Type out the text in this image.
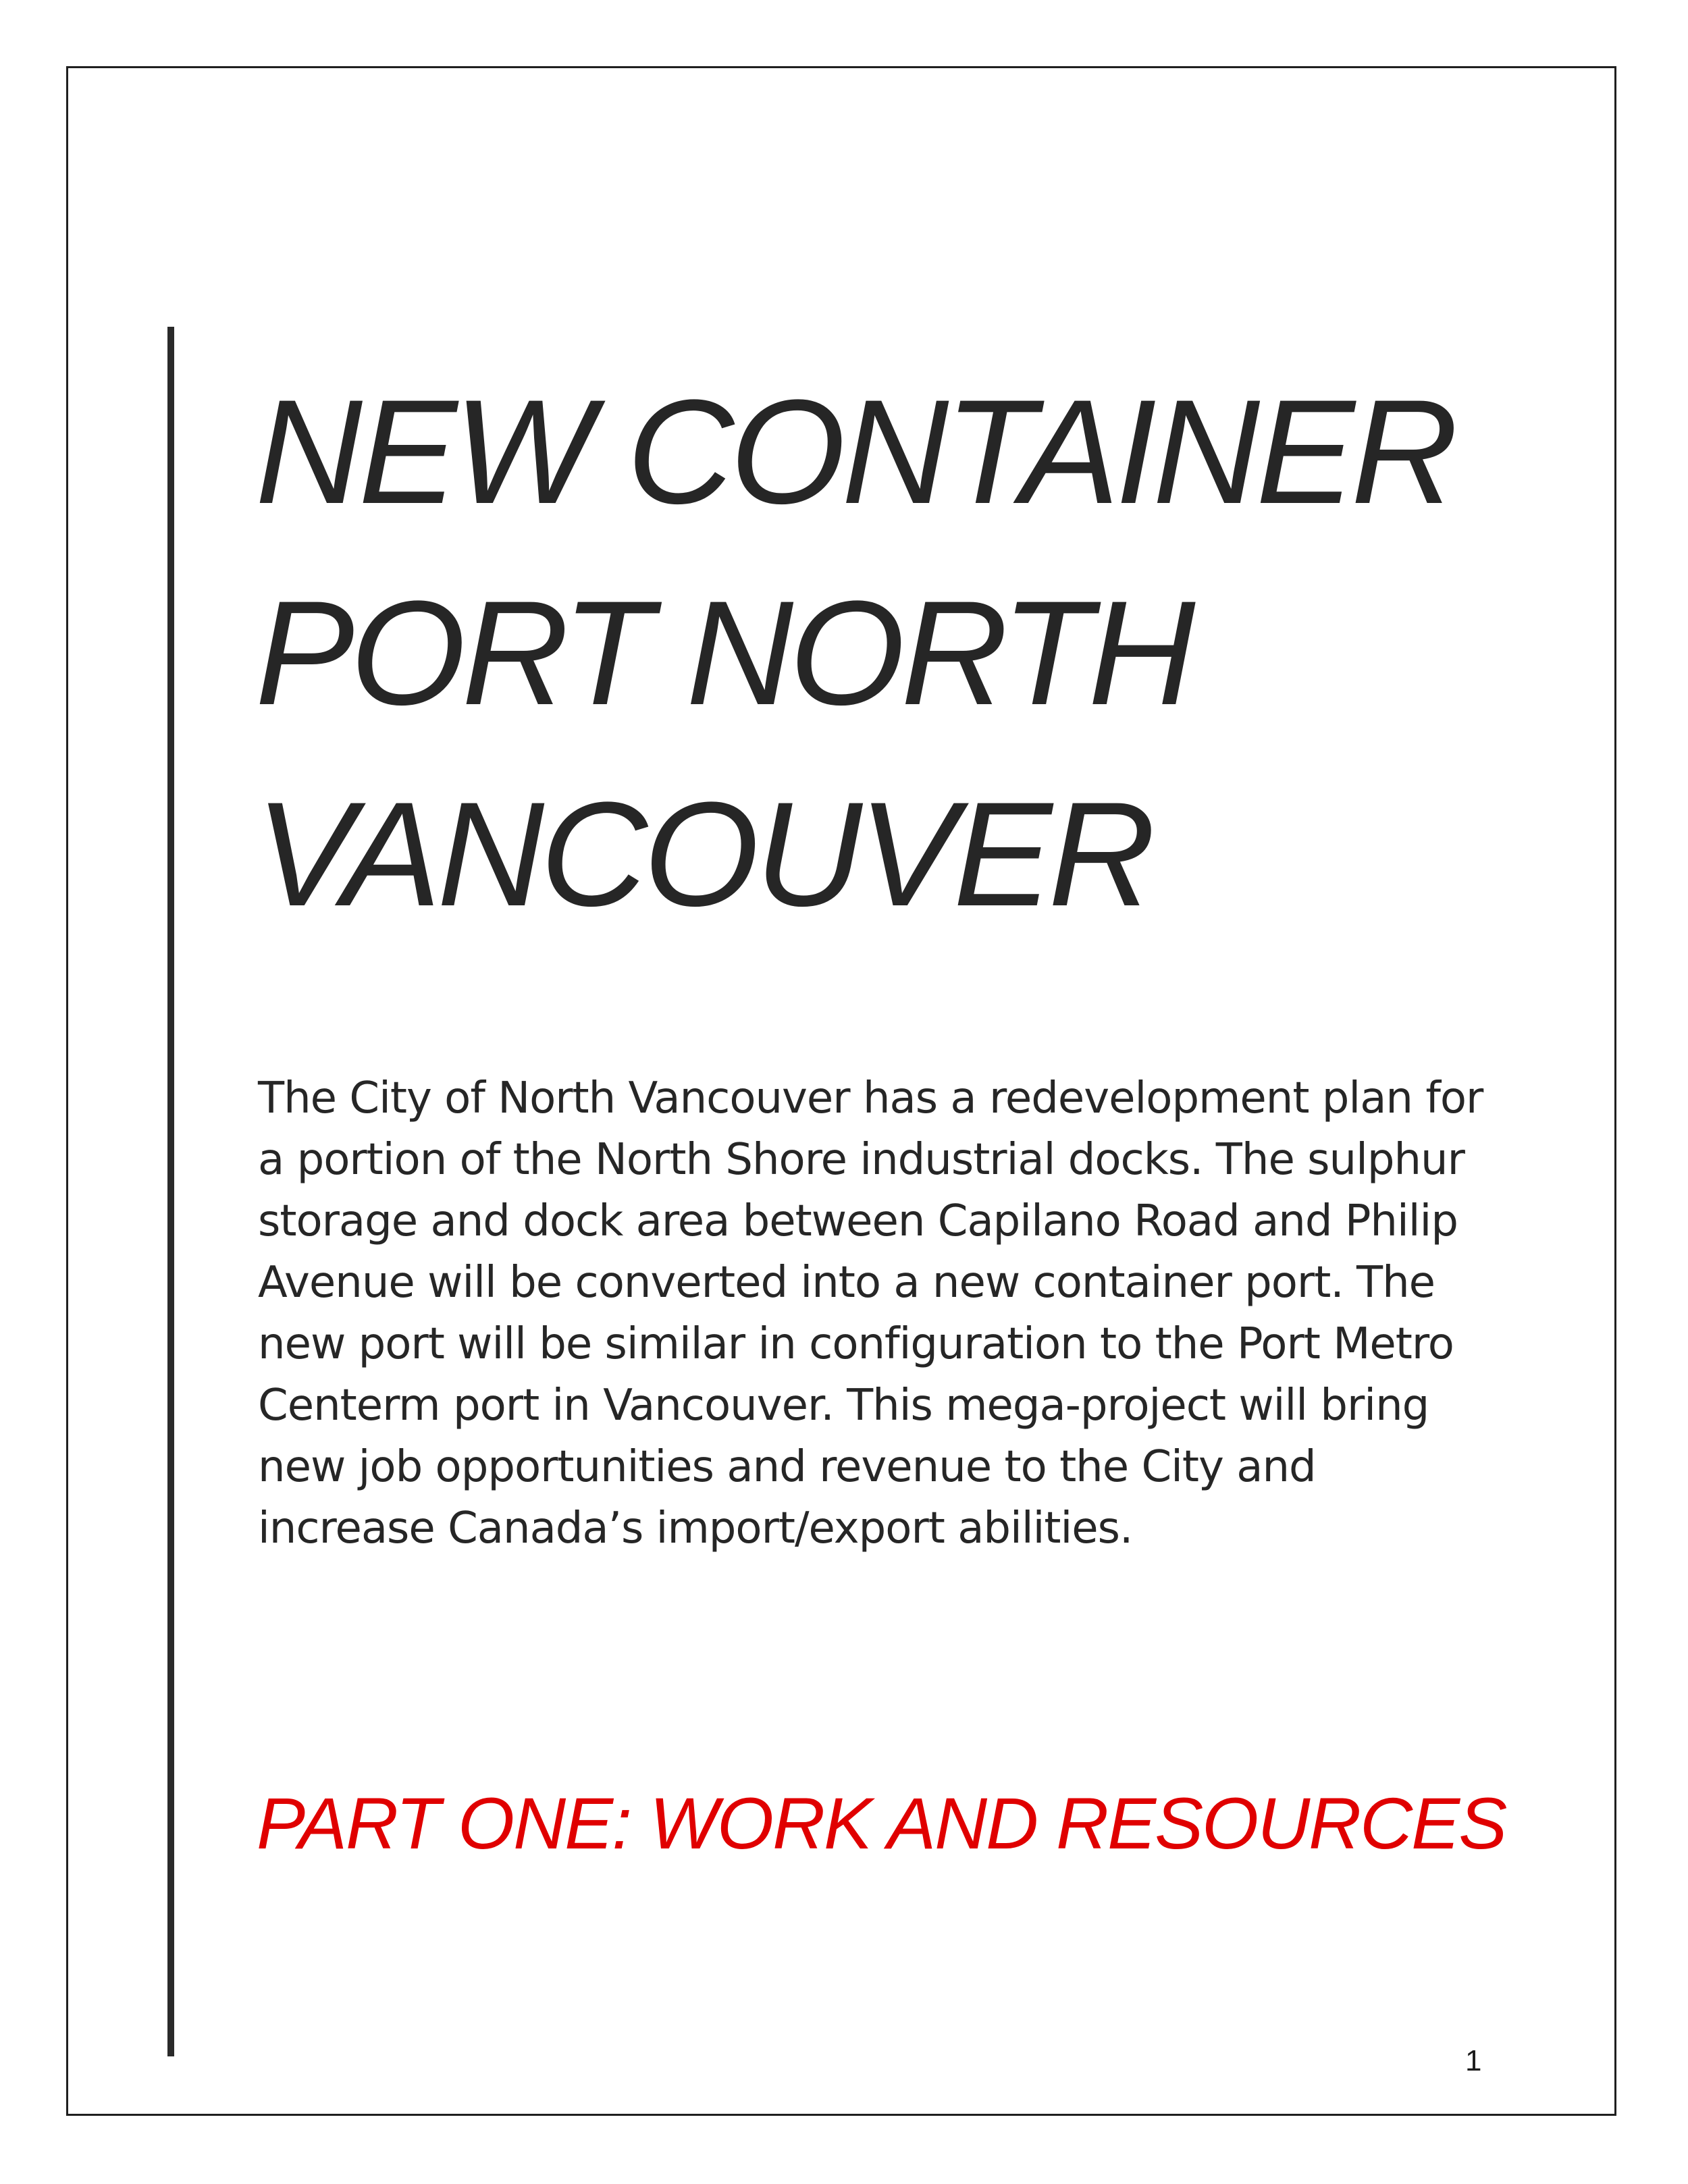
NEW CONTAINER
PORT NORTH
VANCOUVER

The City of North Vancouver has a redevelopment plan for
a portion of the North Shore industrial docks. The sulphur
storage and dock area between Capilano Road and Philip
Avenue will be converted into a new container port. The
new port will be similar in configuration to the Port Metro
Centerm port in Vancouver. This mega-project will bring
new job opportunities and revenue to the City and
increase Canada’s import/export abilities.

PART ONE: WORK AND RESOURCES
1
